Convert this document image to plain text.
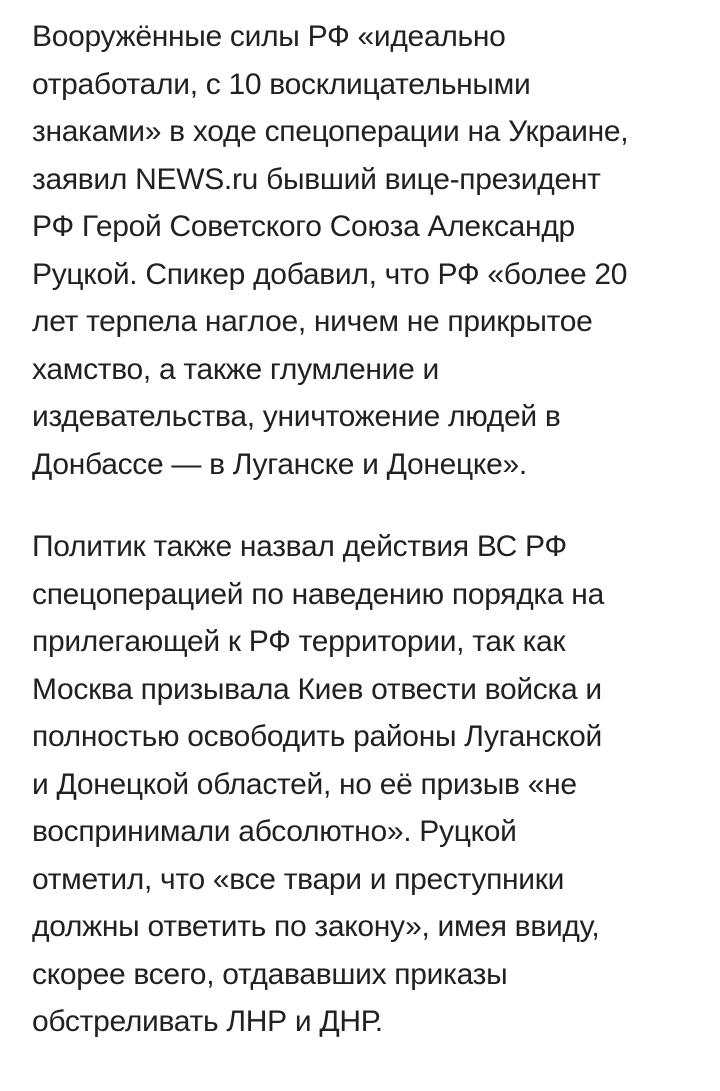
Вооружённые силы РФ «идеально
отработали, с 10 восклицательными
знаками» в ходе спецоперации на Украине,
заявил NEWS.ru бывший вице-президент
РФ Герой Советского Союза Александр
Руцкой. Спикер добавил, что РФ «более 20
лет терпела наглое, ничем не прикрытое
хамство, а также глумление и
издевательства, уничтожение людей в
Донбассе — в Луганске и Донецке».
Политик также назвал действия ВС РФ
спецоперацией по наведению порядка на
прилегающей к РФ территории, так как
Москва призывала Киев отвести войска и
полностью освободить районы Луганской
и Донецкой областей, но её призыв «не
воспринимали абсолютно». Руцкой
отметил, что «все твари и преступники
должны ответить по закону», имея ввиду,
скорее всего, отдававших приказы
обстреливать ЛНР и ДНР.
